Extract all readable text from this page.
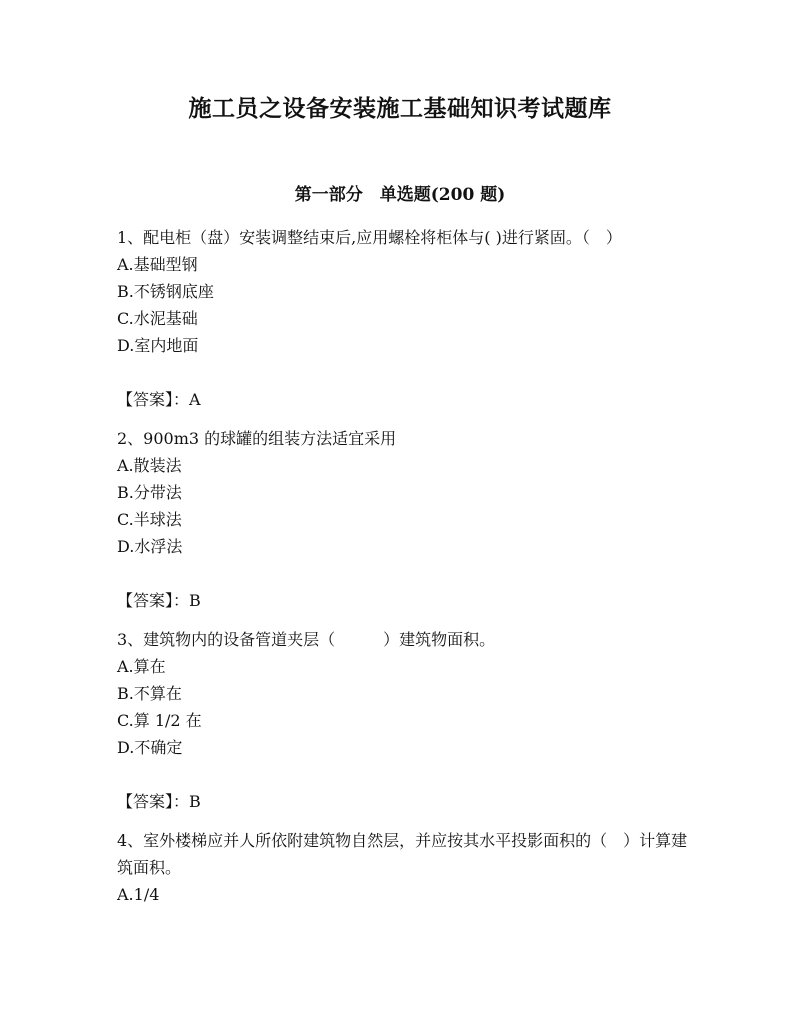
施工员之设备安装施工基础知识考试题库
第一部分　单选题(200 题)

1、配电柜（盘）安装调整结束后,应用螺栓将柜体与( )进行紧固。（　）

A.基础型钢
B.不锈钢底座
C.水泥基础
D.室内地面
【答案】：A

2、900m3 的球罐的组装方法适宜采用

A.散装法
B.分带法
C.半球法
D.水浮法
【答案】：B

3、建筑物内的设备管道夹层（　　　）建筑物面积。

A.算在
B.不算在
C.算 1/2 在
D.不确定
【答案】：B

4、室外楼梯应并人所依附建筑物自然层，并应按其水平投影面积的（　）计算建筑面积。

A.1/4
